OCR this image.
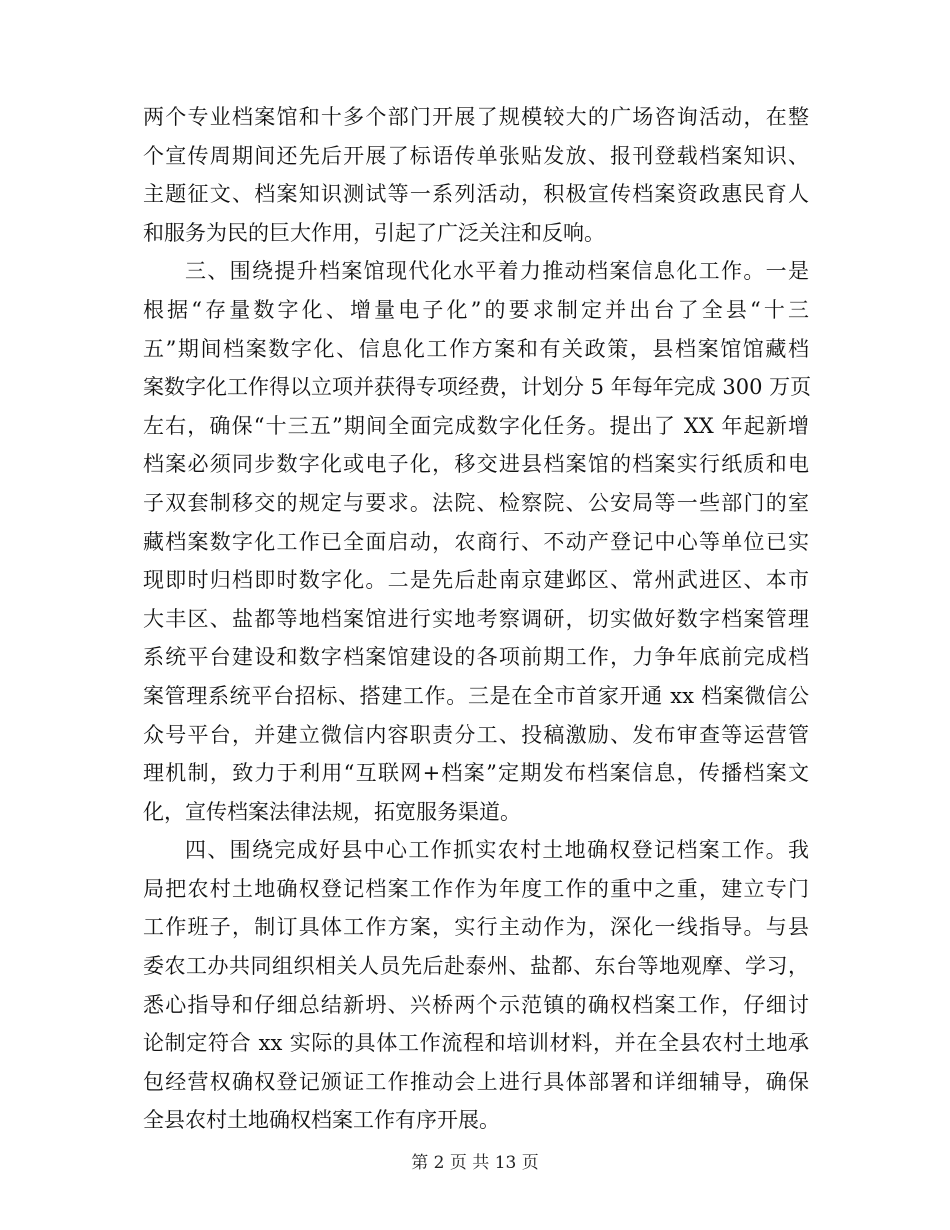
两个专业档案馆和十多个部门开展了规模较大的广场咨询活动，在整
个宣传周期间还先后开展了标语传单张贴发放、报刊登载档案知识、
主题征文、档案知识测试等一系列活动，积极宣传档案资政惠民育人
和服务为民的巨大作用，引起了广泛关注和反响。
三、围绕提升档案馆现代化水平着力推动档案信息化工作。一是
根据“存量数字化、增量电子化”的要求制定并出台了全县“十三
五”期间档案数字化、信息化工作方案和有关政策，县档案馆馆藏档
案数字化工作得以立项并获得专项经费，计划分 5 年每年完成 300 万页
左右，确保“十三五”期间全面完成数字化任务。提出了 XX 年起新增
档案必须同步数字化或电子化，移交进县档案馆的档案实行纸质和电
子双套制移交的规定与要求。法院、检察院、公安局等一些部门的室
藏档案数字化工作已全面启动，农商行、不动产登记中心等单位已实
现即时归档即时数字化。二是先后赴南京建邺区、常州武进区、本市
大丰区、盐都等地档案馆进行实地考察调研，切实做好数字档案管理
系统平台建设和数字档案馆建设的各项前期工作，力争年底前完成档
案管理系统平台招标、搭建工作。三是在全市首家开通 xx 档案微信公
众号平台，并建立微信内容职责分工、投稿激励、发布审查等运营管
理机制，致力于利用“互联网+档案”定期发布档案信息，传播档案文
化，宣传档案法律法规，拓宽服务渠道。
四、围绕完成好县中心工作抓实农村土地确权登记档案工作。我
局把农村土地确权登记档案工作作为年度工作的重中之重，建立专门
工作班子，制订具体工作方案，实行主动作为，深化一线指导。与县
委农工办共同组织相关人员先后赴泰州、盐都、东台等地观摩、学习，
悉心指导和仔细总结新坍、兴桥两个示范镇的确权档案工作，仔细讨
论制定符合 xx 实际的具体工作流程和培训材料，并在全县农村土地承
包经营权确权登记颁证工作推动会上进行具体部署和详细辅导，确保
全县农村土地确权档案工作有序开展。
第 2 页 共 13 页
